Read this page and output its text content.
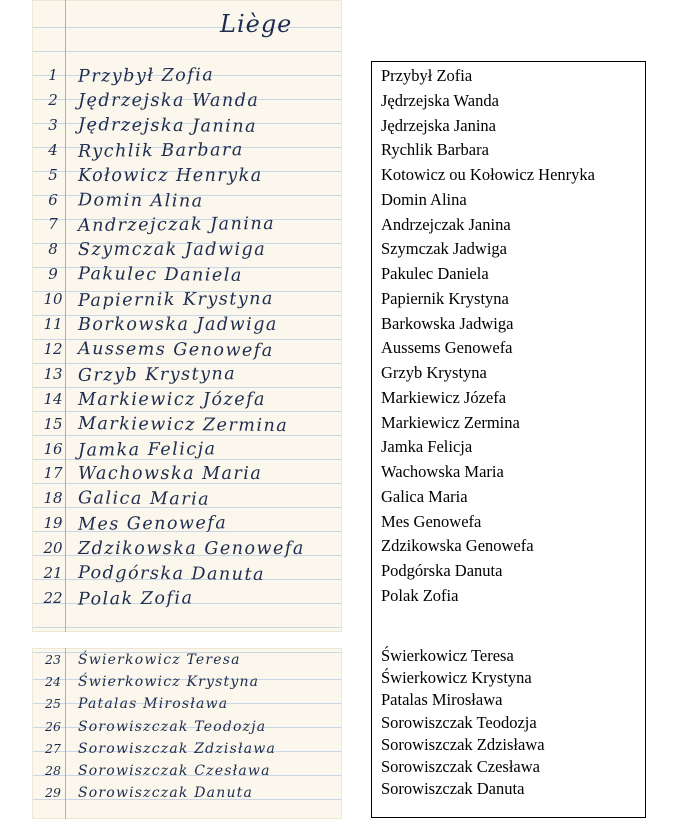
Liège
1	Przybył Zofia
2	Jędrzejska Wanda
3	Jędrzejska Janina
4	Rychlik Barbara
5	Kołowicz Henryka
6	Domin Alina
7	Andrzejczak Janina
8	Szymczak Jadwiga
9	Pakulec Daniela
10 Papiernik Krystyna
11 Borkowska Jadwiga
12 Aussems Genowefa
13 Grzyb Krystyna
14 Markiewicz Józefa
15 Markiewicz Zermina
16 Jamka Felicja
17 Wachowska Maria
18 Galica Maria
19 Mes Genowefa
20 Zdzikowska Genowefa
21 Podgórska Danuta
22 Polak Zofia
23 Świerkowicz Teresa
24 Świerkowicz Krystyna
25 Patalas Mirosława
26 Sorowiszczak Teodozja
27 Sorowiszczak Zdzisława
28 Sorowiszczak Czesława
29 Sorowiszczak Danuta
Przybył Zofia
Jędrzejska Wanda
Jędrzejska Janina
Rychlik Barbara
Kotowicz ou Kołowicz Henryka
Domin Alina
Andrzejczak Janina
Szymczak Jadwiga
Pakulec Daniela
Papiernik Krystyna
Barkowska Jadwiga
Aussems Genowefa
Grzyb Krystyna
Markiewicz Józefa
Markiewicz Zermina
Jamka Felicja
Wachowska Maria
Galica Maria
Mes Genowefa
Zdzikowska Genowefa
Podgórska Danuta
Polak Zofia
Świerkowicz Teresa
Świerkowicz Krystyna
Patalas Mirosława
Sorowiszczak Teodozja
Sorowiszczak Zdzisława
Sorowiszczak Czesława
Sorowiszczak Danuta
